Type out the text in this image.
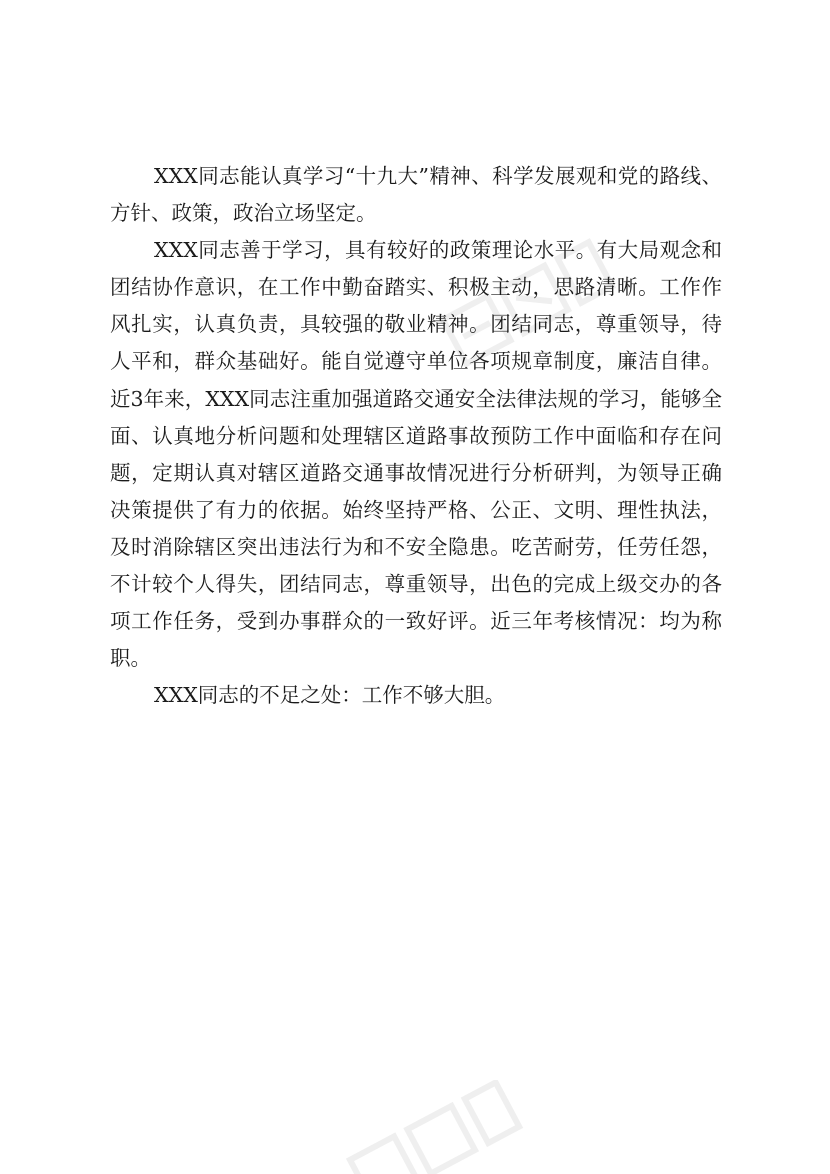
XXX同志能认真学习“十九大”精神、科学发展观和党的路线、方针、政策，政治立场坚定。

XXX同志善于学习，具有较好的政策理论水平。有大局观念和团结协作意识，在工作中勤奋踏实、积极主动，思路清晰。工作作风扎实，认真负责，具较强的敬业精神。团结同志，尊重领导，待人平和，群众基础好。能自觉遵守单位各项规章制度，廉洁自律。近3年来，XXX同志注重加强道路交通安全法律法规的学习，能够全面、认真地分析问题和处理辖区道路事故预防工作中面临和存在问题，定期认真对辖区道路交通事故情况进行分析研判，为领导正确决策提供了有力的依据。始终坚持严格、公正、文明、理性执法，及时消除辖区突出违法行为和不安全隐患。吃苦耐劳，任劳任怨，不计较个人得失，团结同志，尊重领导，出色的完成上级交办的各项工作任务，受到办事群众的一致好评。近三年考核情况：均为称职。

XXX同志的不足之处：工作不够大胆。
